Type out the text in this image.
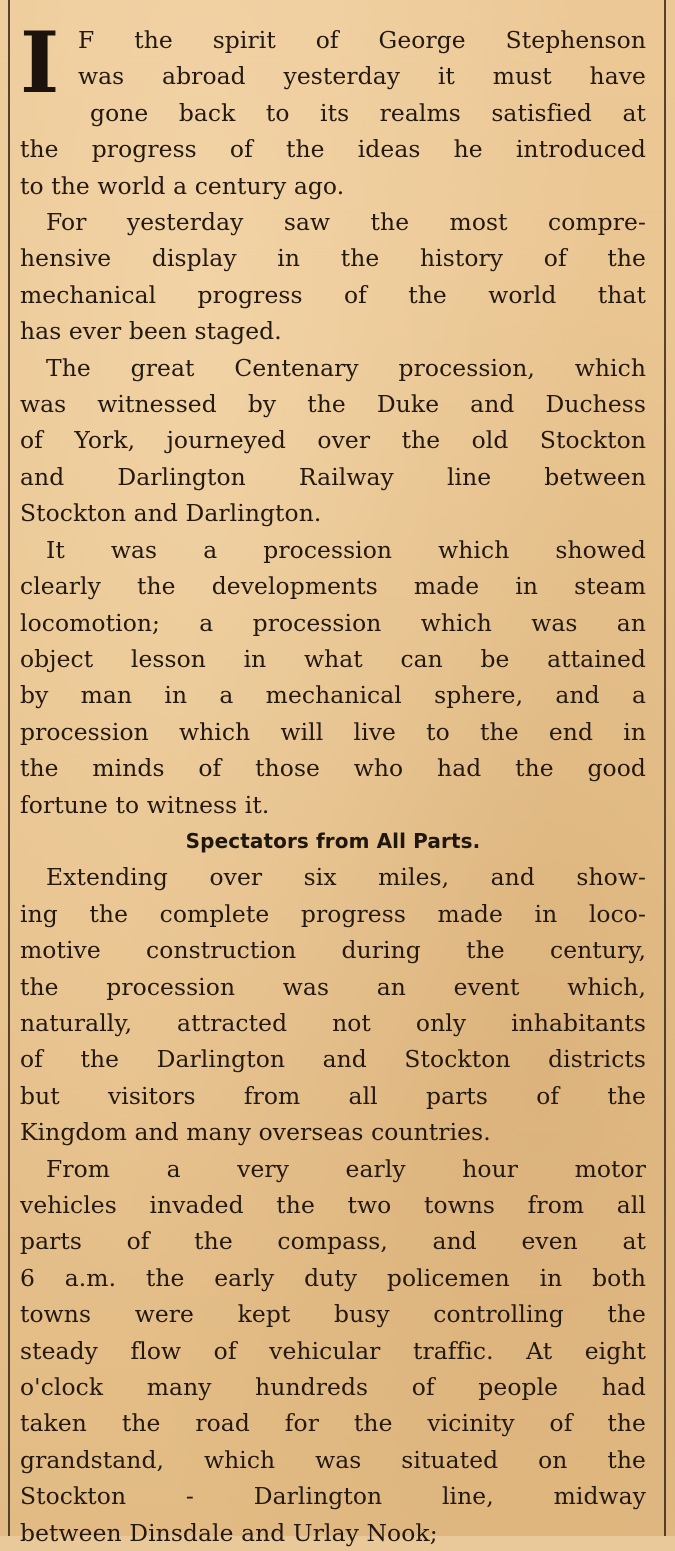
I F the spirit of George Stephenson
was abroad yesterday it must have
gone back to its realms satisfied at
the progress of the ideas he introduced
to the world a century ago.
For yesterday saw the most compre-
hensive display in the history of the
mechanical progress of the world that
has ever been staged.
The great Centenary procession, which
was witnessed by the Duke and Duchess
of York, journeyed over the old Stockton
and Darlington Railway line between
Stockton and Darlington.
It was a procession which showed
clearly the developments made in steam
locomotion; a procession which was an
object lesson in what can be attained
by man in a mechanical sphere, and a
procession which will live to the end in
the minds of those who had the good
fortune to witness it.
Spectators from All Parts.
Extending over six miles, and show-
ing the complete progress made in loco-
motive construction during the century,
the procession was an event which,
naturally, attracted not only inhabitants
of the Darlington and Stockton districts
but visitors from all parts of the
Kingdom and many overseas countries.
From a very early hour motor
vehicles invaded the two towns from all
parts of the compass, and even at
6 a.m. the early duty policemen in both
towns were kept busy controlling the
steady flow of vehicular traffic. At eight
o'clock many hundreds of people had
taken the road for the vicinity of the
grandstand, which was situated on the
Stockton - Darlington line, midway
between Dinsdale and Urlay Nook;
